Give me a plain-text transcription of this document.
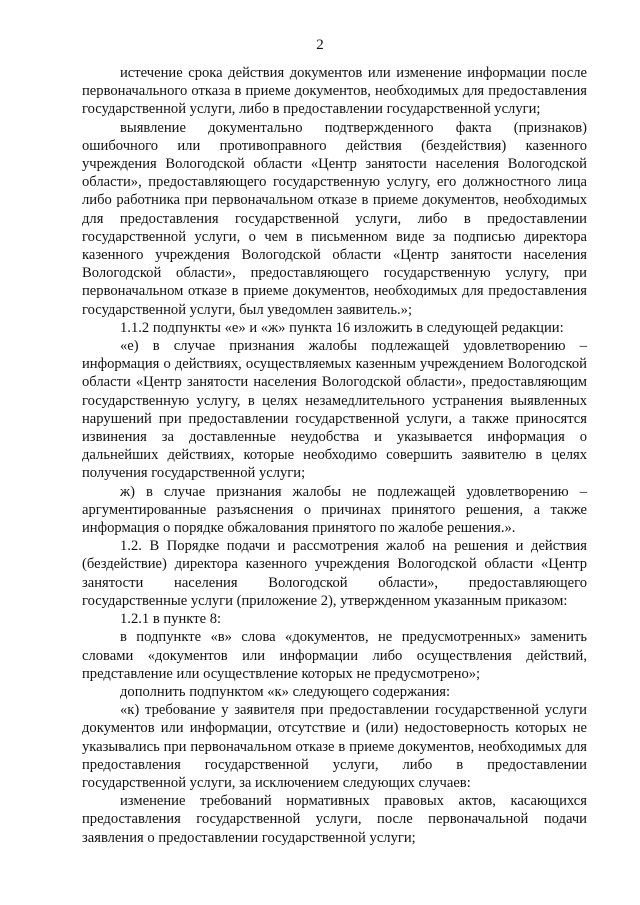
2

истечение срока действия документов или изменение информации после первоначального отказа в приеме документов, необходимых для предоставления государственной услуги, либо в предоставлении государственной услуги;

выявление документально подтвержденного факта (признаков) ошибочного или противоправного действия (бездействия) казенного учреждения Вологодской области «Центр занятости населения Вологодской области», предоставляющего государственную услугу, его должностного лица либо работника при первоначальном отказе в приеме документов, необходимых для предоставления государственной услуги, либо в предоставлении государственной услуги, о чем в письменном виде за подписью директора казенного учреждения Вологодской области «Центр занятости населения Вологодской области», предоставляющего государственную услугу, при первоначальном отказе в приеме документов, необходимых для предоставления государственной услуги, был уведомлен заявитель.»;

1.1.2 подпункты «е» и «ж» пункта 16 изложить в следующей редакции:

«е) в случае признания жалобы подлежащей удовлетворению – информация о действиях, осуществляемых казенным учреждением Вологодской области «Центр занятости населения Вологодской области», предоставляющим государственную услугу, в целях незамедлительного устранения выявленных нарушений при предоставлении государственной услуги, а также приносятся извинения за доставленные неудобства и указывается информация о дальнейших действиях, которые необходимо совершить заявителю в целях получения государственной услуги;

ж) в случае признания жалобы не подлежащей удовлетворению – аргументированные разъяснения о причинах принятого решения, а также информация о порядке обжалования принятого по жалобе решения.».

1.2. В Порядке подачи и рассмотрения жалоб на решения и действия (бездействие) директора казенного учреждения Вологодской области «Центр занятости населения Вологодской области», предоставляющего государственные услуги (приложение 2), утвержденном указанным приказом:

1.2.1 в пункте 8:

в подпункте «в» слова «документов, не предусмотренных» заменить словами «документов или информации либо осуществления действий, представление или осуществление которых не предусмотрено»;

дополнить подпунктом «к» следующего содержания:

«к) требование у заявителя при предоставлении государственной услуги документов или информации, отсутствие и (или) недостоверность которых не указывались при первоначальном отказе в приеме документов, необходимых для предоставления государственной услуги, либо в предоставлении государственной услуги, за исключением следующих случаев:

изменение требований нормативных правовых актов, касающихся предоставления государственной услуги, после первоначальной подачи заявления о предоставлении государственной услуги;
